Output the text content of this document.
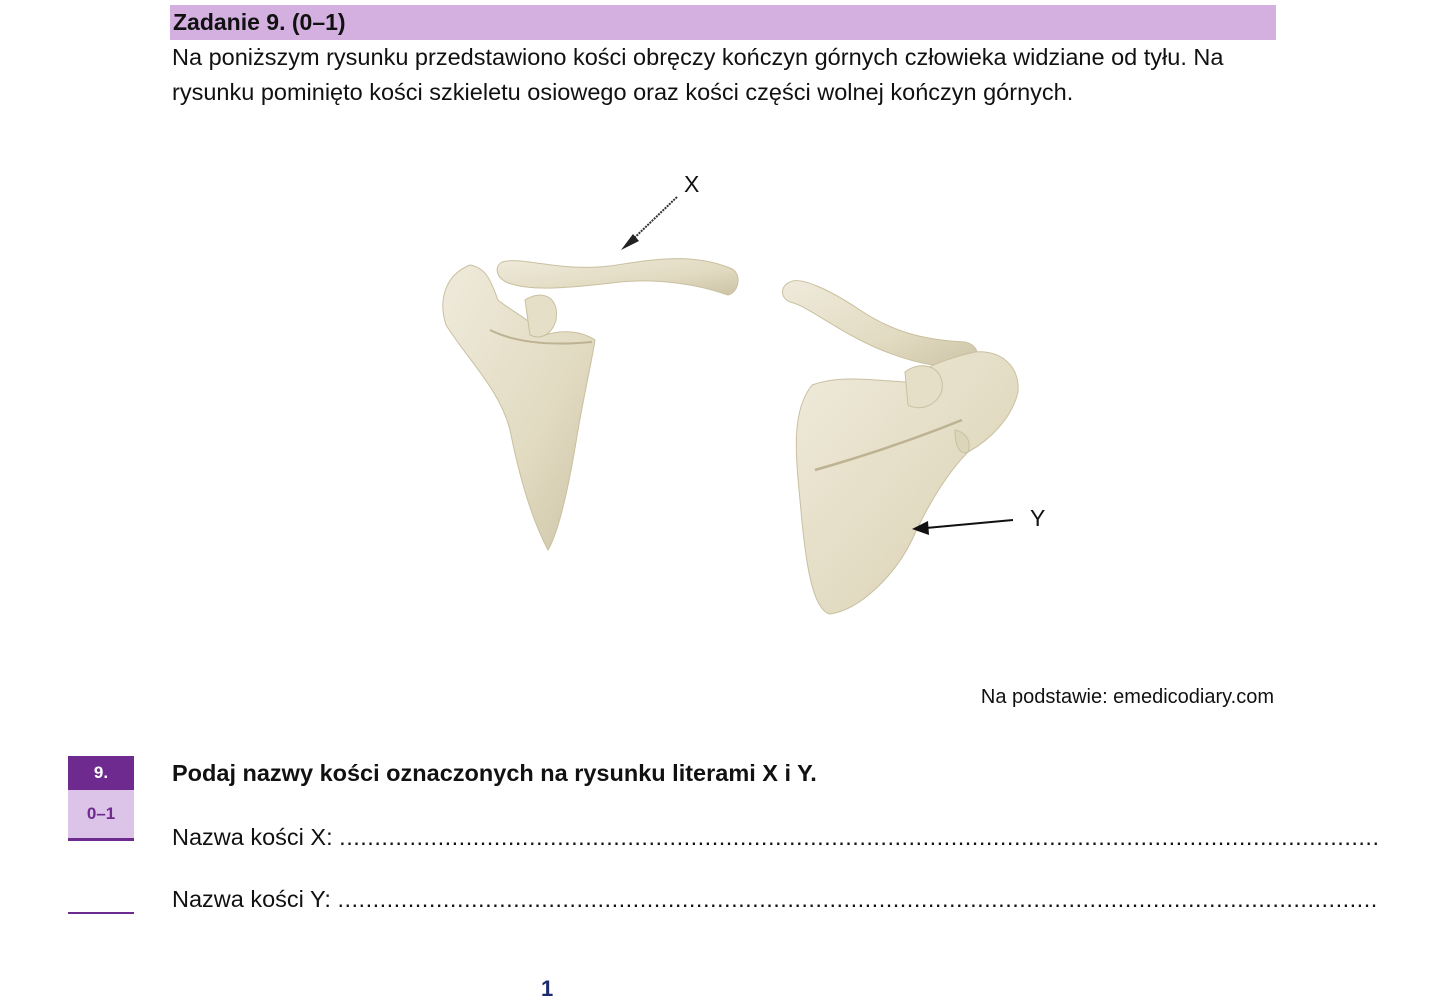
Zadanie 9. (0–1)

Na poniższym rysunku przedstawiono kości obręczy kończyn górnych człowieka widziane od tyłu. Na rysunku pominięto kości szkieletu osiowego oraz kości części wolnej kończyn górnych.

X
Y
Na podstawie: emedicodiary.com
9.
0–1
Podaj nazwy kości oznaczonych na rysunku literami X i Y.
Nazwa kości X: ....................................................................................................................................................
Nazwa kości Y: ....................................................................................................................................................
1
